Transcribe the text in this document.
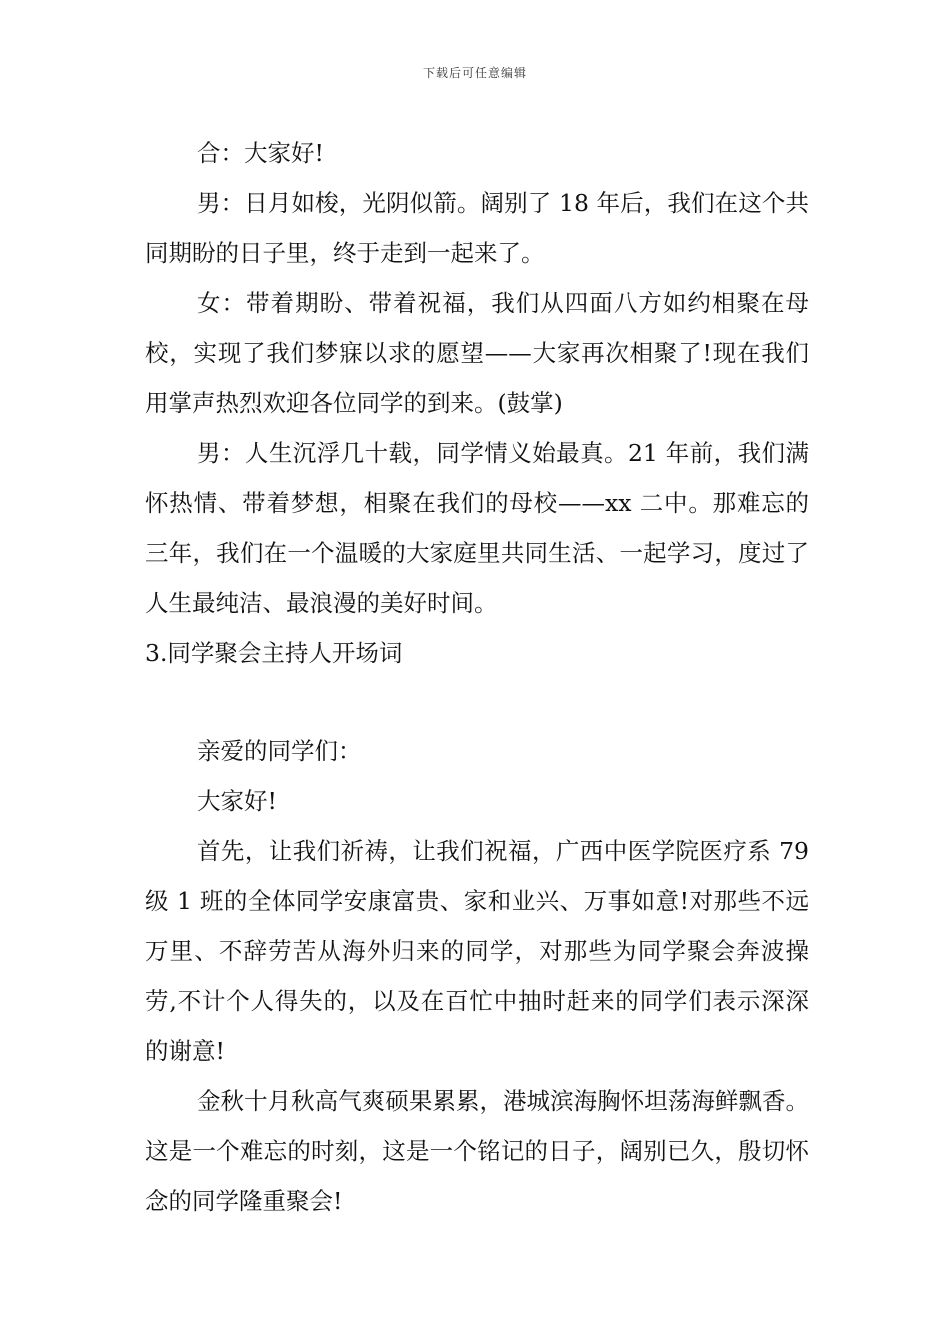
下载后可任意编辑

合：大家好!

男：日月如梭，光阴似箭。阔别了 18 年后，我们在这个共同期盼的日子里，终于走到一起来了。

女：带着期盼、带着祝福，我们从四面八方如约相聚在母校，实现了我们梦寐以求的愿望——大家再次相聚了!现在我们用掌声热烈欢迎各位同学的到来。(鼓掌)

男：人生沉浮几十载，同学情义始最真。21 年前，我们满怀热情、带着梦想，相聚在我们的母校——xx 二中。那难忘的三年，我们在一个温暖的大家庭里共同生活、一起学习，度过了人生最纯洁、最浪漫的美好时间。

3.同学聚会主持人开场词

亲爱的同学们：

大家好!

首先，让我们祈祷，让我们祝福，广西中医学院医疗系 79 级 1 班的全体同学安康富贵、家和业兴、万事如意!对那些不远万里、不辞劳苦从海外归来的同学，对那些为同学聚会奔波操劳,不计个人得失的，以及在百忙中抽时赶来的同学们表示深深的谢意!

金秋十月秋高气爽硕果累累，港城滨海胸怀坦荡海鲜飘香。这是一个难忘的时刻，这是一个铭记的日子，阔别已久，殷切怀念的同学隆重聚会!
